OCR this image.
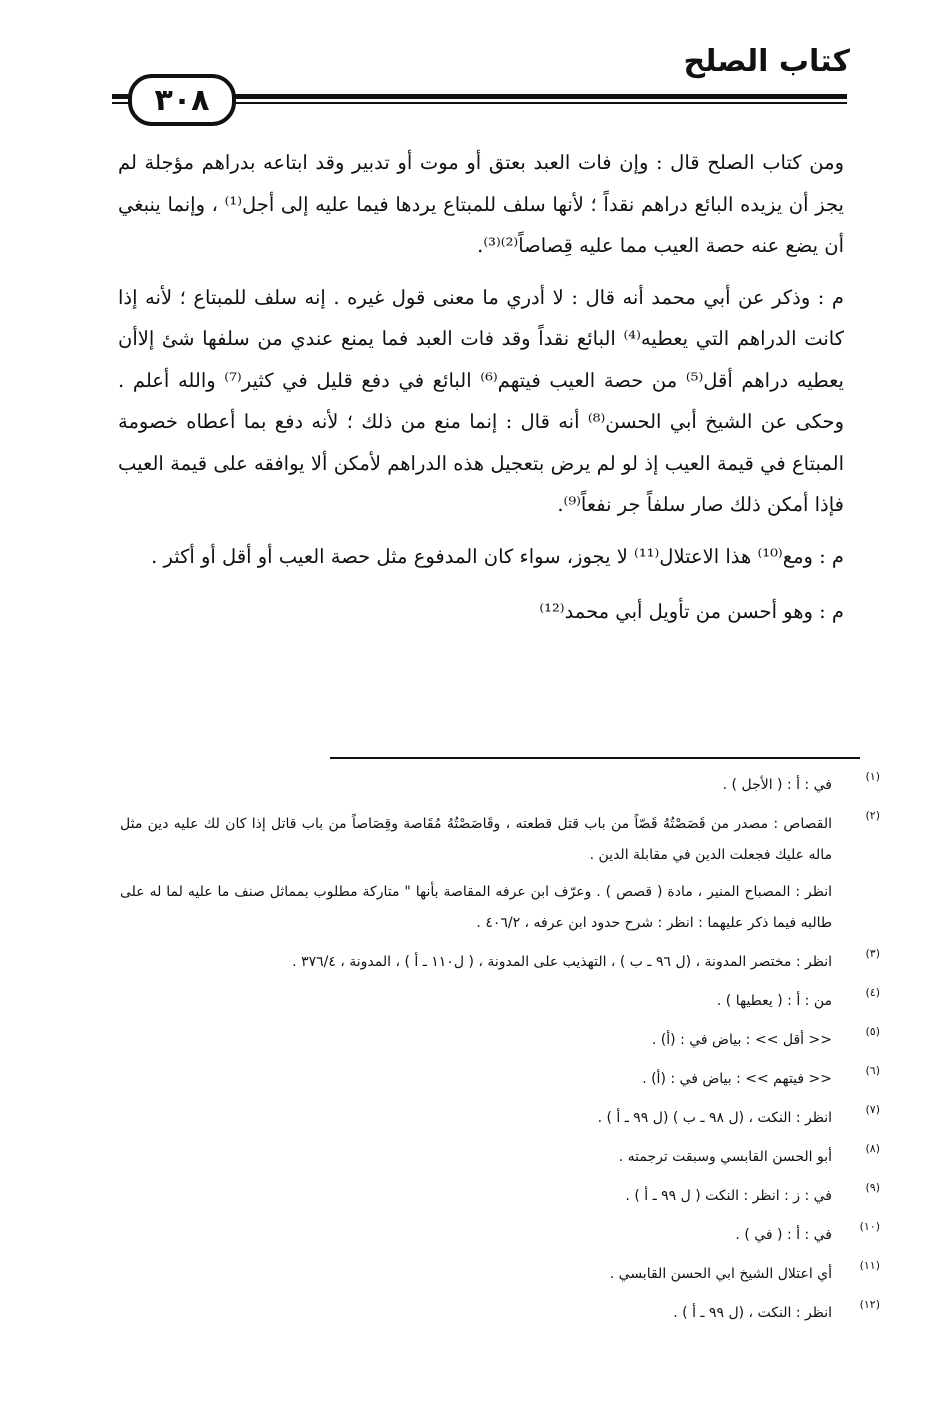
كتاب الصلح
٣٠٨

ومن كتاب الصلح قال : وإن فات العبد بعتق أو موت أو تدبير وقد ابتاعه بدراهم مؤجلة لم يجز أن يزيده البائع دراهم نقداً ؛ لأنها سلف للمبتاع يردها فيما عليه إلى أجل⁽¹⁾ ، وإنما ينبغي أن يضع عنه حصة العيب مما عليه قِصاصاً⁽²⁾⁽³⁾.

م : وذكر عن أبي محمد أنه قال : لا أدري ما معنى قول غيره . إنه سلف للمبتاع ؛ لأنه إذا كانت الدراهم التي يعطيه⁽⁴⁾ البائع نقداً وقد فات العبد فما يمنع عندي من سلفها شئ إلاأن يعطيه دراهم أقل⁽⁵⁾ من حصة العيب فيتهم⁽⁶⁾ البائع في دفع قليل في كثير⁽⁷⁾ والله أعلم . وحكى عن الشيخ أبي الحسن⁽⁸⁾ أنه قال : إنما منع من ذلك ؛ لأنه دفع بما أعطاه خصومة المبتاع في قيمة العيب إذ لو لم يرض بتعجيل هذه الدراهم لأمكن ألا يوافقه على قيمة العيب فإذا أمكن ذلك صار سلفاً جر نفعاً⁽⁹⁾.

م : ومع⁽¹⁰⁾ هذا الاعتلال⁽¹¹⁾ لا يجوز، سواء كان المدفوع مثل حصة العيب أو أقل أو أكثر .

م : وهو أحسن من تأويل أبي محمد⁽¹²⁾

(١)
في : أ : ( الأجل ) .
(٢)
القصاص : مصدر من قَصَصْتُهُ قَصّاً من باب قتل قطعته ، وقَاصَصْتُهُ مُقَاصة وقِصَاصاً من باب قاتل إذا كان لك عليه دين مثل ماله عليك فجعلت الدين في مقابلة الدين .
انظر : المصباح المنير ، مادة ( قصص ) . وعرّف ابن عرفه المقاصة بأنها " متاركة مطلوب بمماثل صنف ما عليه لما له على طالبه فيما ذكر عليهما : انظر : شرح حدود ابن عرفه ، ٤٠٦/٢ .
(٣)
انظر : مختصر المدونة ، (ل ٩٦ ـ ب ) ، التهذيب على المدونة ، ( ل١١٠ ـ أ ) ، المدونة ، ٣٧٦/٤ .
(٤)
من : أ : ( يعطيها ) .
(٥)
<< أقل >> : بياض في : (أ) .
(٦)
<< فيتهم >> : بياض في : (أ) .
(٧)
انظر : النكت ، (ل ٩٨ ـ ب ) (ل ٩٩ ـ أ ) .
(٨)
أبو الحسن القابسي وسبقت ترجمته .
(٩)
في : ز : انظر : النكت ( ل ٩٩ ـ أ ) .
(١٠)
في : أ : ( في ) .
(١١)
أي اعتلال الشيخ ابي الحسن القابسي .
(١٢)
انظر : النكت ، (ل ٩٩ ـ أ ) .
